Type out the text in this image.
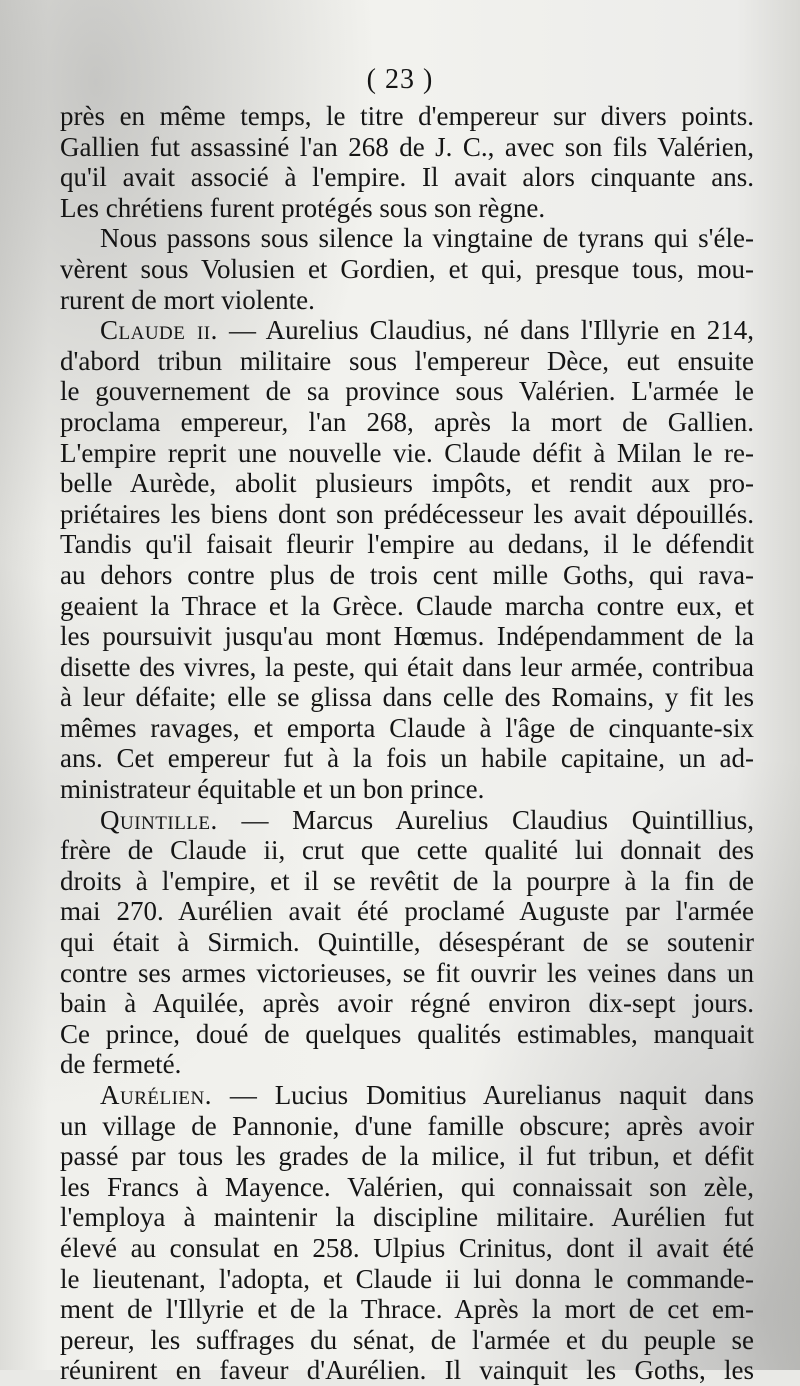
( 23 )
près en même temps, le titre d'empereur sur divers points.
Gallien fut assassiné l'an 268 de J. C., avec son fils Valérien,
qu'il avait associé à l'empire. Il avait alors cinquante ans.
Les chrétiens furent protégés sous son règne.
Nous passons sous silence la vingtaine de tyrans qui s'éle-
vèrent sous Volusien et Gordien, et qui, presque tous, mou-
rurent de mort violente.
Claude ii. — Aurelius Claudius, né dans l'Illyrie en 214,
d'abord tribun militaire sous l'empereur Dèce, eut ensuite
le gouvernement de sa province sous Valérien. L'armée le
proclama empereur, l'an 268, après la mort de Gallien.
L'empire reprit une nouvelle vie. Claude défit à Milan le re-
belle Aurède, abolit plusieurs impôts, et rendit aux pro-
priétaires les biens dont son prédécesseur les avait dépouillés.
Tandis qu'il faisait fleurir l'empire au dedans, il le défendit
au dehors contre plus de trois cent mille Goths, qui rava-
geaient la Thrace et la Grèce. Claude marcha contre eux, et
les poursuivit jusqu'au mont Hœmus. Indépendamment de la
disette des vivres, la peste, qui était dans leur armée, contribua
à leur défaite; elle se glissa dans celle des Romains, y fit les
mêmes ravages, et emporta Claude à l'âge de cinquante-six
ans. Cet empereur fut à la fois un habile capitaine, un ad-
ministrateur équitable et un bon prince.
Quintille. — Marcus Aurelius Claudius Quintillius,
frère de Claude ii, crut que cette qualité lui donnait des
droits à l'empire, et il se revêtit de la pourpre à la fin de
mai 270. Aurélien avait été proclamé Auguste par l'armée
qui était à Sirmich. Quintille, désespérant de se soutenir
contre ses armes victorieuses, se fit ouvrir les veines dans un
bain à Aquilée, après avoir régné environ dix-sept jours.
Ce prince, doué de quelques qualités estimables, manquait
de fermeté.
Aurélien. — Lucius Domitius Aurelianus naquit dans
un village de Pannonie, d'une famille obscure; après avoir
passé par tous les grades de la milice, il fut tribun, et défit
les Francs à Mayence. Valérien, qui connaissait son zèle,
l'employa à maintenir la discipline militaire. Aurélien fut
élevé au consulat en 258. Ulpius Crinitus, dont il avait été
le lieutenant, l'adopta, et Claude ii lui donna le commande-
ment de l'Illyrie et de la Thrace. Après la mort de cet em-
pereur, les suffrages du sénat, de l'armée et du peuple se
réunirent en faveur d'Aurélien. Il vainquit les Goths, les
